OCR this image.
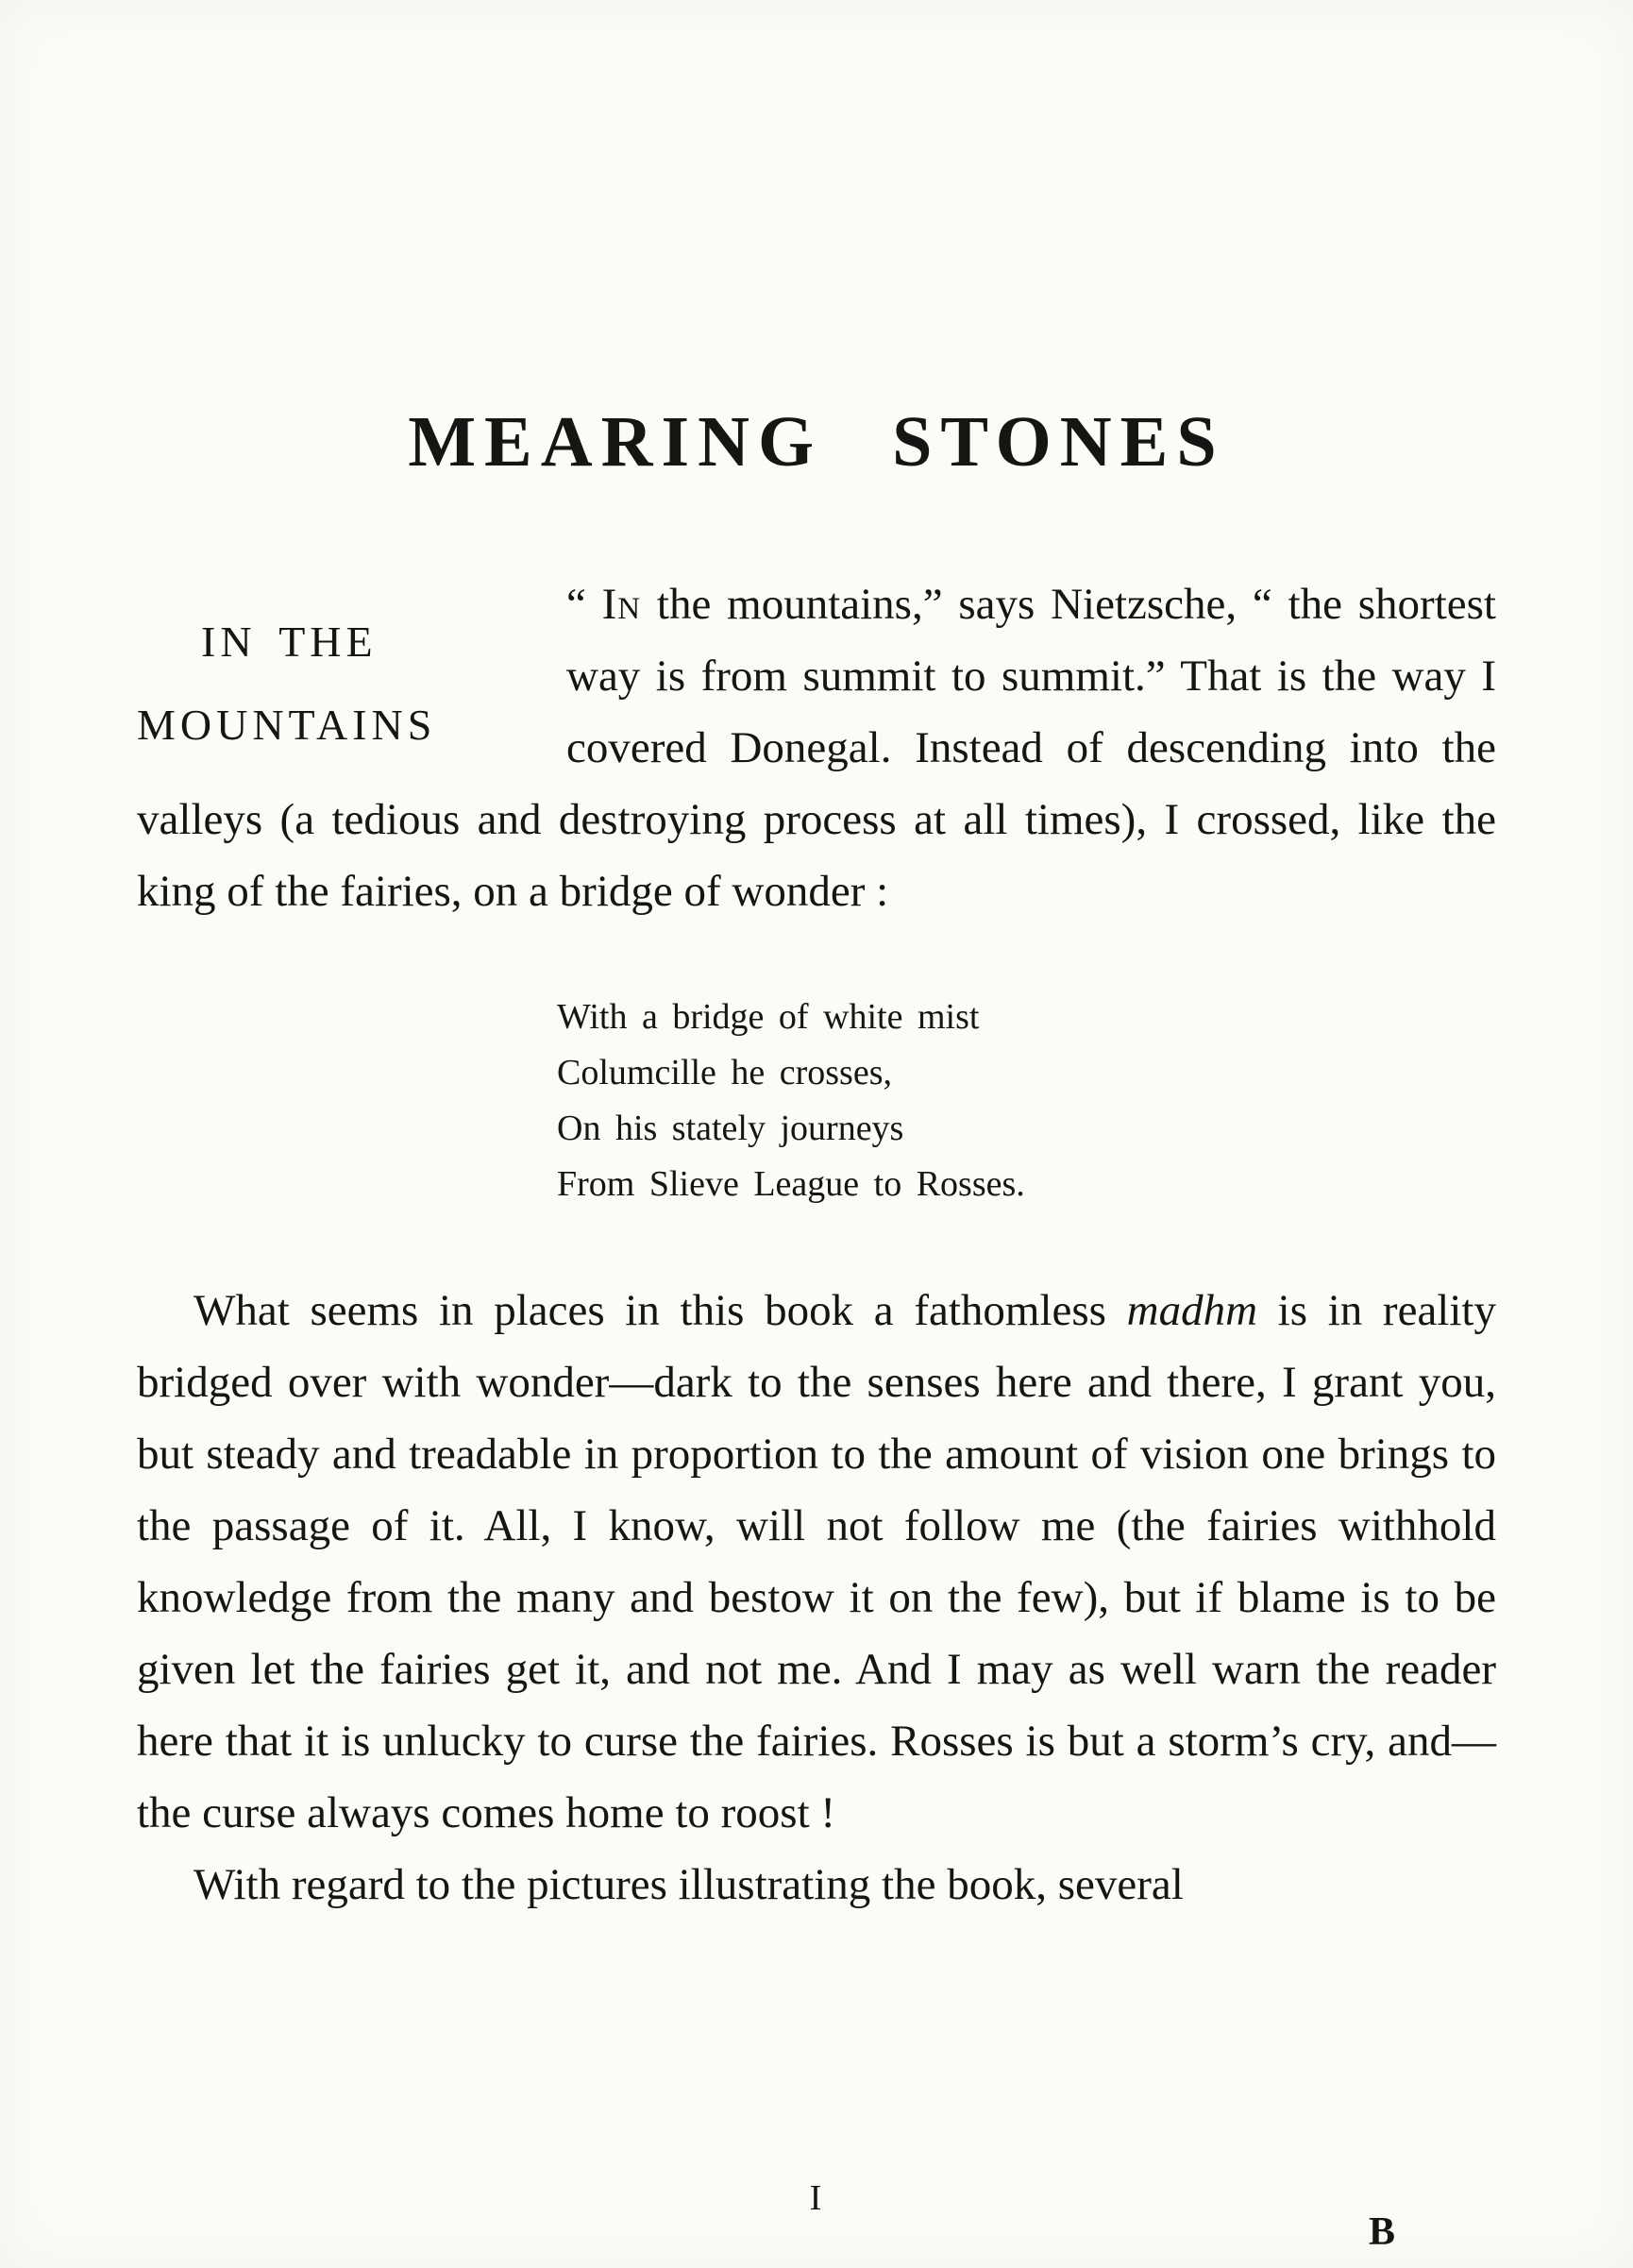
MEARING STONES

IN THE
MOUNTAINS
“ In the mountains,” says Nietzsche, “ the shortest way is from summit to summit.” That is the way I covered Donegal. Instead of descending into the valleys (a tedious and destroying process at all times), I crossed, like the king of the fairies, on a bridge of wonder :

With a bridge of white mist
Columcille he crosses,
On his stately journeys
From Slieve League to Rosses.

What seems in places in this book a fathomless madhm is in reality bridged over with wonder—dark to the senses here and there, I grant you, but steady and treadable in proportion to the amount of vision one brings to the passage of it. All, I know, will not follow me (the fairies withhold knowledge from the many and bestow it on the few), but if blame is to be given let the fairies get it, and not me. And I may as well warn the reader here that it is unlucky to curse the fairies. Rosses is but a storm’s cry, and—the curse always comes home to roost !

With regard to the pictures illustrating the book, several

I
B
